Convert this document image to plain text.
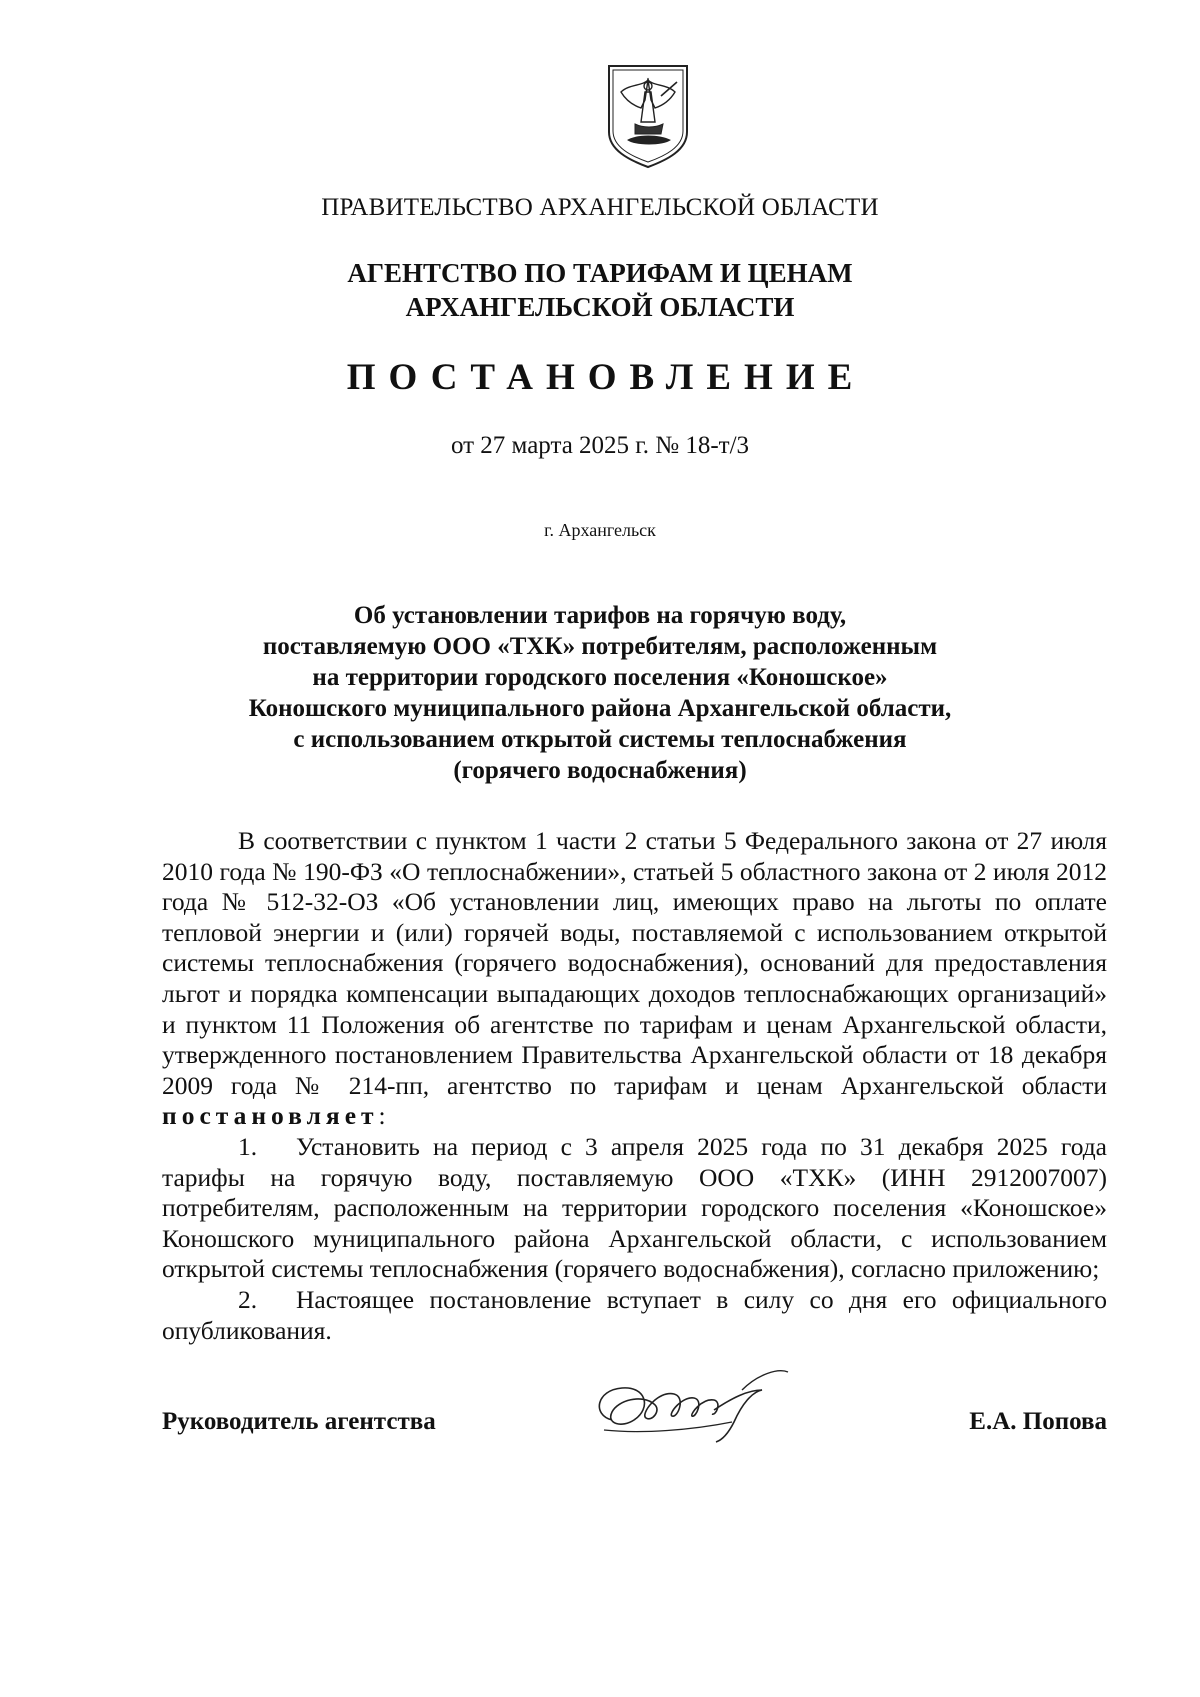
ПРАВИТЕЛЬСТВО АРХАНГЕЛЬСКОЙ ОБЛАСТИ
АГЕНТСТВО ПО ТАРИФАМ И ЦЕНАМ
АРХАНГЕЛЬСКОЙ ОБЛАСТИ
ПОСТАНОВЛЕНИЕ
от 27 марта 2025 г. № 18-т/3
г. Архангельск
Об установлении тарифов на горячую воду,
поставляемую ООО «ТХК» потребителям, расположенным
на территории городского поселения «Коношское»
Коношского муниципального района Архангельской области,
с использованием открытой системы теплоснабжения
(горячего водоснабжения)

В соответствии с пунктом 1 части 2 статьи 5 Федерального закона от 27 июля 2010 года № 190-ФЗ «О теплоснабжении», статьей 5 областного закона от 2 июля 2012 года № 512-32-ОЗ «Об установлении лиц, имеющих право на льготы по оплате тепловой энергии и (или) горячей воды, поставляемой с использованием открытой системы теплоснабжения (горячего водоснабжения), оснований для предоставления льгот и порядка компенсации выпадающих доходов теплоснабжающих организаций» и пунктом 11 Положения об агентстве по тарифам и ценам Архангельской области, утвержденного постановлением Правительства Архангельской области от 18 декабря 2009 года № 214-пп, агентство по тарифам и ценам Архангельской области постановляет:

1. Установить на период с 3 апреля 2025 года по 31 декабря 2025 года тарифы на горячую воду, поставляемую ООО «ТХК» (ИНН 2912007007) потребителям, расположенным на территории городского поселения «Коношское» Коношского муниципального района Архангельской области, с использованием открытой системы теплоснабжения (горячего водоснабжения), согласно приложению;

2. Настоящее постановление вступает в силу со дня его официального опубликования.

Руководитель агентства	Е.А. Попова
